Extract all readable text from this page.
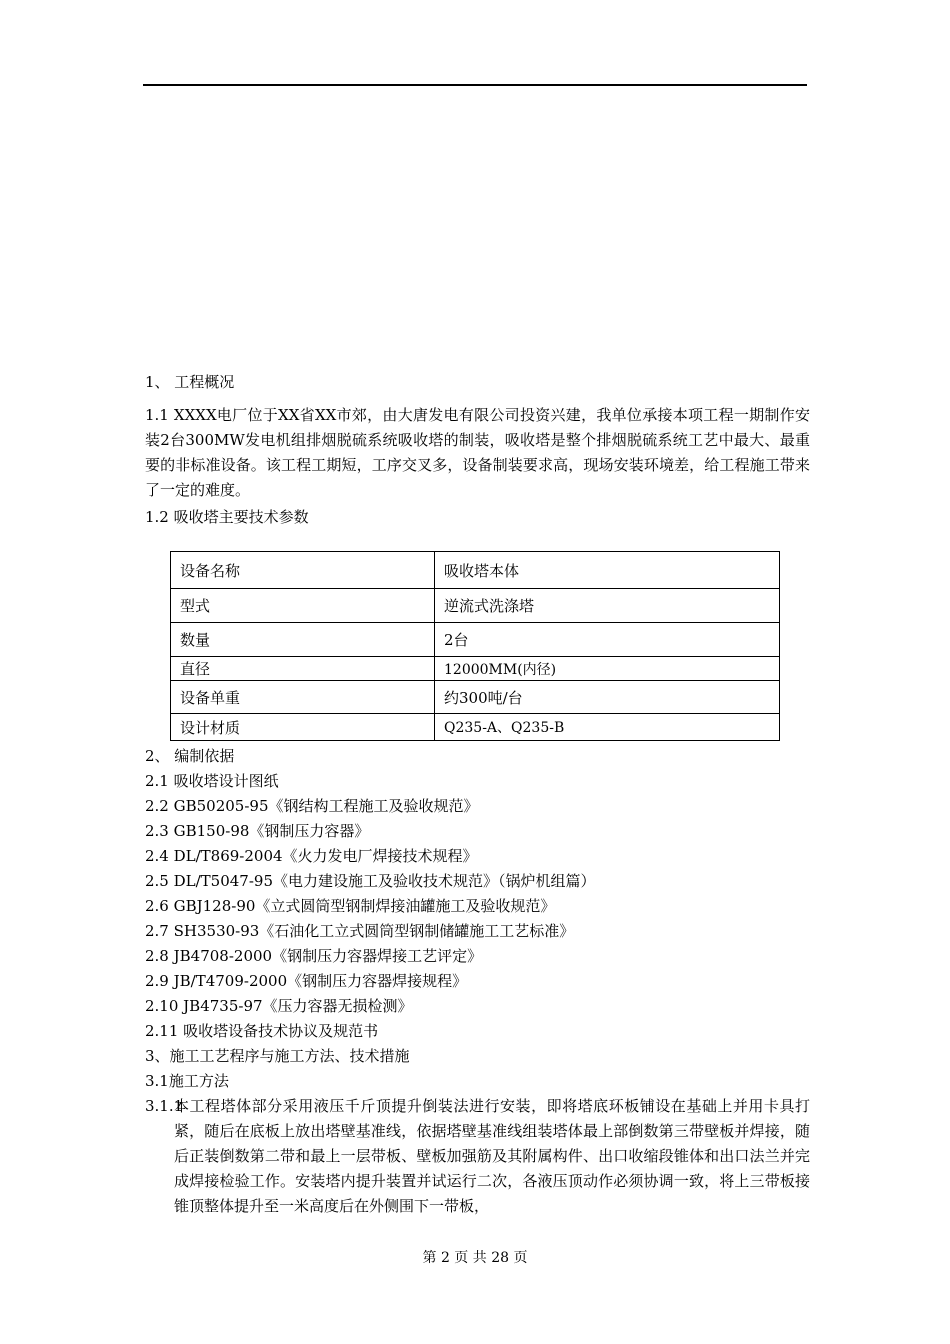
1、 工程概况
1.1 XXXX电厂位于XX省XX市郊，由大唐发电有限公司投资兴建，我单位承接本项工程一期制作安装2台300MW发电机组排烟脱硫系统吸收塔的制装，吸收塔是整个排烟脱硫系统工艺中最大、最重要的非标准设备。该工程工期短，工序交叉多，设备制装要求高，现场安装环境差，给工程施工带来了一定的难度。
1.2 吸收塔主要技术参数
设备名称	吸收塔本体
型式	逆流式洗涤塔
数量	2台
直径	12000MM(内径)
设备单重	约300吨/台
设计材质	Q235-A、Q235-B
2、 编制依据
2.1 吸收塔设计图纸
2.2 GB50205-95《钢结构工程施工及验收规范》
2.3 GB150-98《钢制压力容器》
2.4 DL/T869-2004《火力发电厂焊接技术规程》
2.5 DL/T5047-95《电力建设施工及验收技术规范》（锅炉机组篇）
2.6 GBJ128-90《立式圆筒型钢制焊接油罐施工及验收规范》
2.7 SH3530-93《石油化工立式圆筒型钢制储罐施工工艺标准》
2.8 JB4708-2000《钢制压力容器焊接工艺评定》
2.9 JB/T4709-2000《钢制压力容器焊接规程》
2.10 JB4735-97《压力容器无损检测》
2.11 吸收塔设备技术协议及规范书
3、施工工艺程序与施工方法、技术措施
3.1施工方法
3.1.1
本工程塔体部分采用液压千斤顶提升倒装法进行安装，即将塔底环板铺设在基础上并用卡具打紧，随后在底板上放出塔壁基准线，依据塔壁基准线组装塔体最上部倒数第三带壁板并焊接，随后正装倒数第二带和最上一层带板、壁板加强筋及其附属构件、出口收缩段锥体和出口法兰并完成焊接检验工作。安装塔内提升装置并试运行二次，各液压顶动作必须协调一致，将上三带板接锥顶整体提升至一米高度后在外侧围下一带板，
第 2 页 共 28 页
